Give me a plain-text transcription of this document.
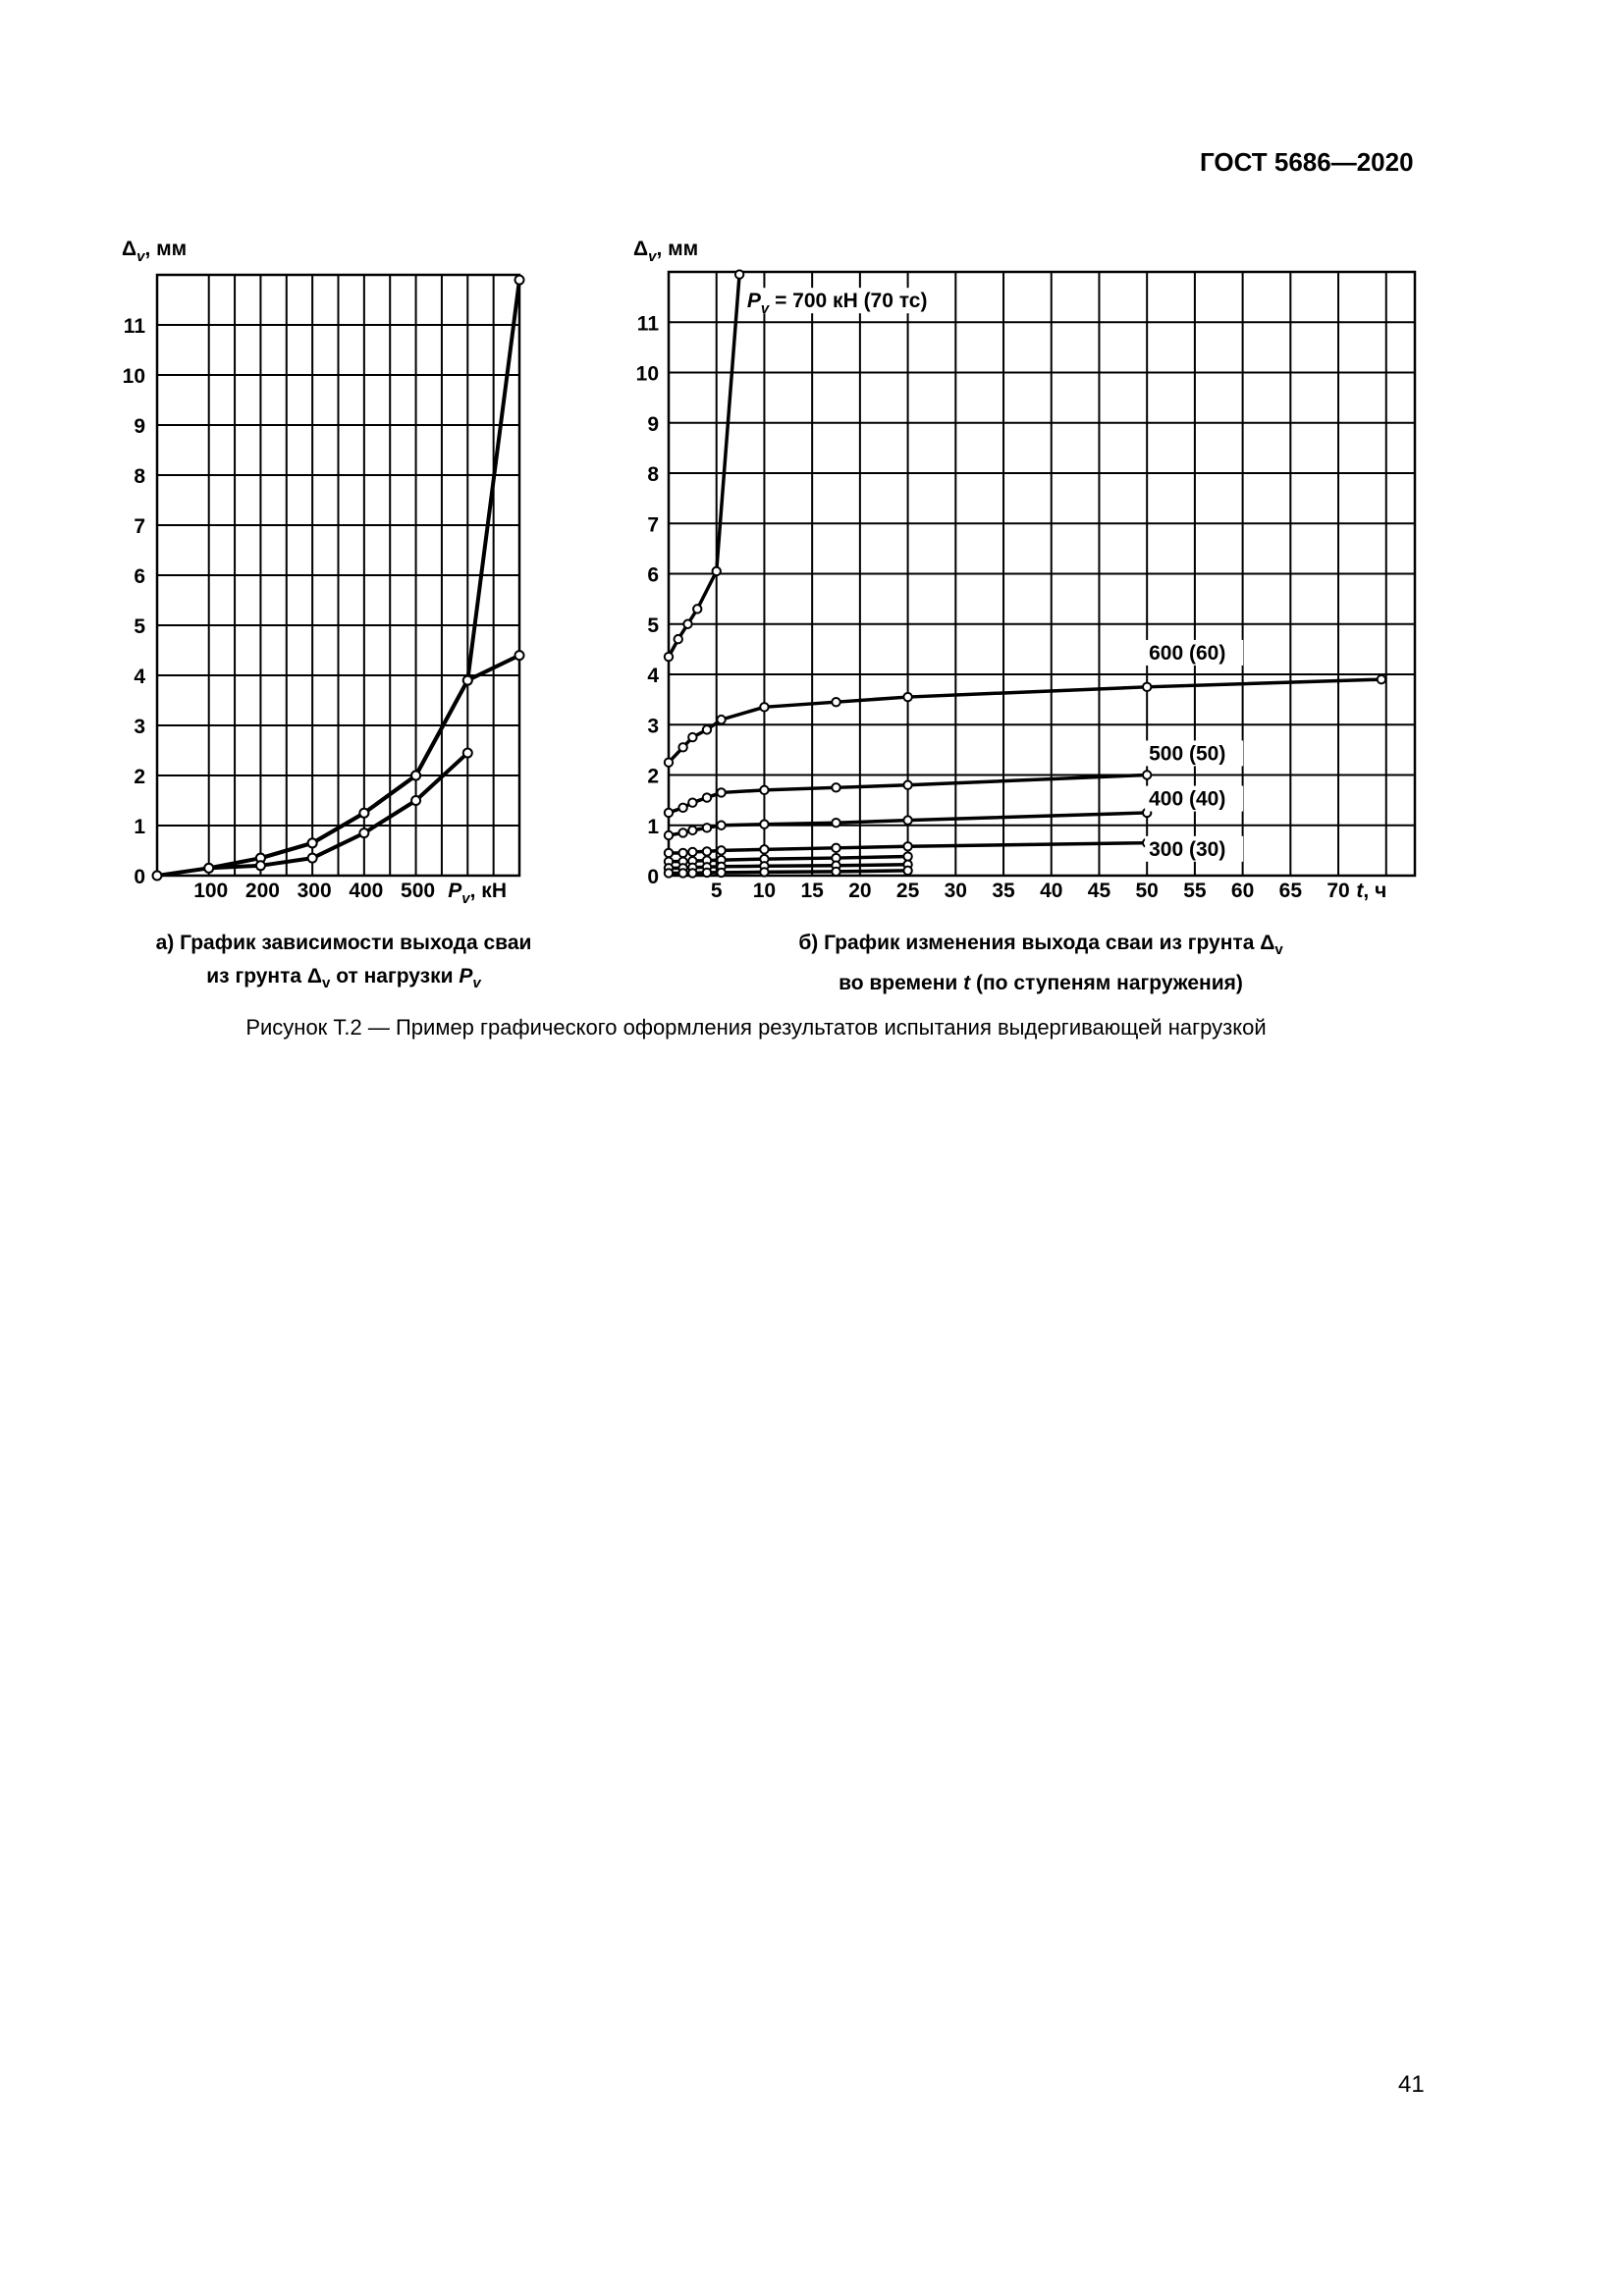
ГОСТ 5686—2020
0
1
2
3
4
5
6
7
8
9
10
11
100 200 300 400 500 $P_v$, кН
$\Delta_v$, мм
0
1
2
3
4
5
6
7
8
9
10
11
5 10 15 20 25 30 35 40 45 50 55 60 65 70 t, ч
$\Delta_v$, мм
$P_v = 700$ кН (70 тс)
600 (60)
500 (50)
400 (40)
300 (30)
а) График зависимости выхода сваи
из грунта $\Delta_v$ от нагрузки $P_v$
б) График изменения выхода сваи из грунта $\Delta_v$
во времени t (по ступеням нагружения)
Рисунок Т.2 — Пример графического оформления результатов испытания выдергивающей нагрузкой
41
